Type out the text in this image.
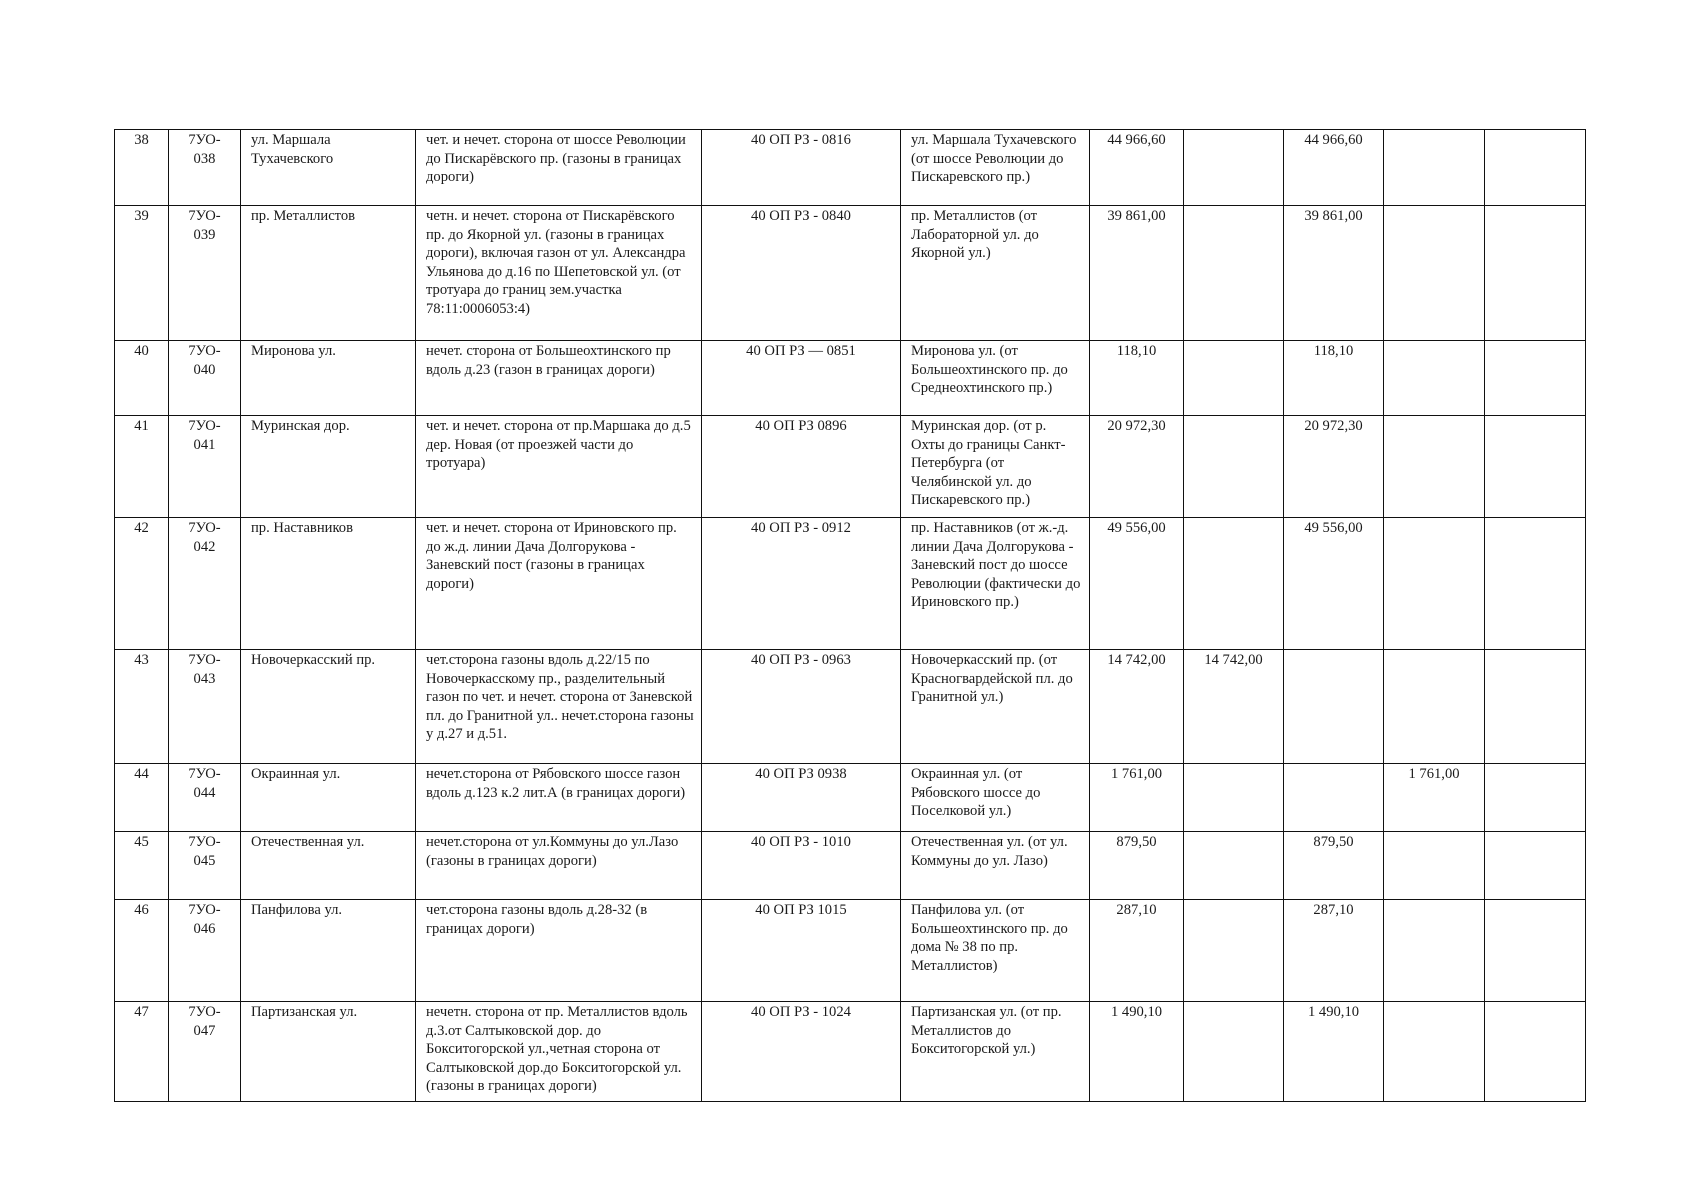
38	7УО-
038	ул. Маршала Тухачевского	чет. и нечет. сторона от шоссе Революции до Пискарёвского пр. (газоны в границах дороги)	40 ОП РЗ - 0816	ул. Маршала Тухачевского (от шоссе Революции до Пискаревского пр.)	44 966,60		44 966,60		
39	7УО-
039	пр. Металлистов	четн. и нечет. сторона от Пискарёвского пр. до Якорной ул. (газоны в границах дороги), включая газон от ул. Александра Ульянова до д.16 по Шепетовской ул. (от тротуара до границ зем.участка 78:11:0006053:4)	40 ОП РЗ - 0840	пр. Металлистов (от Лабораторной ул. до Якорной ул.)	39 861,00		39 861,00		
40	7УО-
040	Миронова ул.	нечет. сторона от Большеохтинского пр вдоль д.23 (газон в границах дороги)	40 ОП РЗ — 0851	Миронова ул. (от Большеохтинского пр. до Среднеохтинского пр.)	118,10		118,10		
41	7УО-
041	Муринская дор.	чет. и нечет. сторона от пр.Маршака до д.5 дер. Новая (от проезжей части до тротуара)	40 ОП РЗ 0896	Муринская дор. (от р. Охты до границы Санкт-Петербурга (от Челябинской ул. до Пискаревского пр.)	20 972,30		20 972,30		
42	7УО-
042	пр. Наставников	чет. и нечет. сторона от Ириновского пр. до ж.д. линии Дача Долгорукова - Заневский пост (газоны в границах дороги)	40 ОП РЗ - 0912	пр. Наставников (от ж.-д. линии Дача Долгорукова - Заневский пост до шоссе Революции (фактически до Ириновского пр.)	49 556,00		49 556,00		
43	7УО-
043	Новочеркасский пр.	чет.сторона газоны вдоль д.22/15 по Новочеркасскому пр., разделительный газон по чет. и нечет. сторона от Заневской пл. до Гранитной ул.. нечет.сторона газоны у д.27 и д.51.	40 ОП РЗ - 0963	Новочеркасский пр. (от Красногвардейской пл. до Гранитной ул.)	14 742,00	14 742,00			
44	7УО-
044	Окраинная ул.	нечет.сторона от Рябовского шоссе газон вдоль д.123 к.2 лит.А (в границах дороги)	40 ОП РЗ 0938	Окраинная ул. (от Рябовского шоссе до Поселковой ул.)	1 761,00			1 761,00	
45	7УО-
045	Отечественная ул.	нечет.сторона от ул.Коммуны до ул.Лазо (газоны в границах дороги)	40 ОП РЗ - 1010	Отечественная ул. (от ул. Коммуны до ул. Лазо)	879,50		879,50		
46	7УО-
046	Панфилова ул.	чет.сторона газоны вдоль д.28-32 (в границах дороги)	40 ОП РЗ 1015	Панфилова ул. (от Большеохтинского пр. до дома № 38 по пр. Металлистов)	287,10		287,10		
47	7УО-
047	Партизанская ул.	нечетн. сторона от пр. Металлистов вдоль д.3.от Салтыковской дор. до Бокситогорской ул.,четная сторона от Салтыковской дор.до Бокситогорской ул. (газоны в границах дороги)	40 ОП РЗ - 1024	Партизанская ул. (от пр. Металлистов до Бокситогорской ул.)	1 490,10		1 490,10		
